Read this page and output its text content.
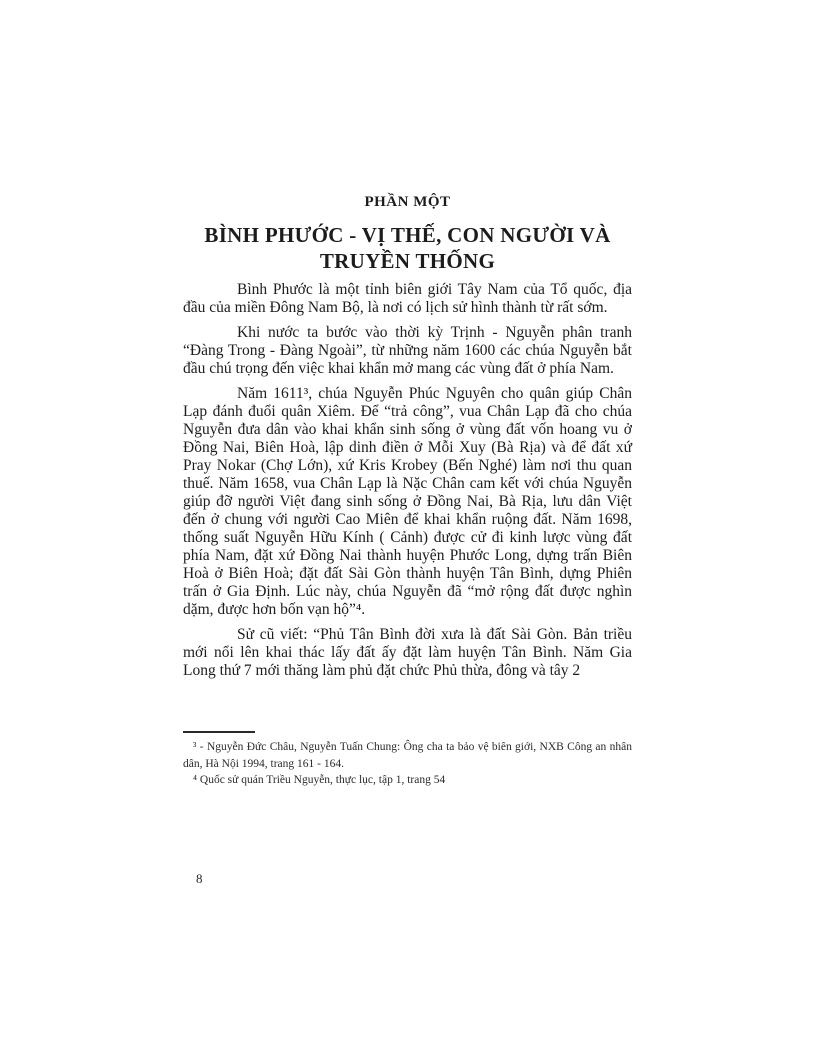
PHẦN MỘT
BÌNH PHƯỚC - VỊ THẾ, CON NGƯỜI VÀ
TRUYỀN THỐNG

Bình Phước là một tỉnh biên giới Tây Nam của Tổ quốc, địa đầu của miền Đông Nam Bộ, là nơi có lịch sử hình thành từ rất sớm.

Khi nước ta bước vào thời kỳ Trịnh - Nguyễn phân tranh “Đàng Trong - Đàng Ngoài”, từ những năm 1600 các chúa Nguyễn bắt đầu chú trọng đến việc khai khẩn mở mang các vùng đất ở phía Nam.

Năm 1611³, chúa Nguyễn Phúc Nguyên cho quân giúp Chân Lạp đánh đuổi quân Xiêm. Để “trả công”, vua Chân Lạp đã cho chúa Nguyễn đưa dân vào khai khẩn sinh sống ở vùng đất vốn hoang vu ở Đồng Nai, Biên Hoà, lập dinh điền ở Mỗi Xuy (Bà Rịa) và để đất xứ Pray Nokar (Chợ Lớn), xứ Kris Krobey (Bến Nghé) làm nơi thu quan thuế. Năm 1658, vua Chân Lạp là Nặc Chân cam kết với chúa Nguyễn giúp đỡ người Việt đang sinh sống ở Đồng Nai, Bà Rịa, lưu dân Việt đến ở chung với người Cao Miên để khai khẩn ruộng đất. Năm 1698, thống suất Nguyễn Hữu Kính ( Cảnh) được cử đi kinh lược vùng đất phía Nam, đặt xứ Đồng Nai thành huyện Phước Long, dựng trấn Biên Hoà ở Biên Hoà; đặt đất Sài Gòn thành huyện Tân Bình, dựng Phiên trấn ở Gia Định. Lúc này, chúa Nguyễn đã “mở rộng đất được nghìn dặm, được hơn bốn vạn hộ”⁴.

Sử cũ viết: “Phủ Tân Bình đời xưa là đất Sài Gòn. Bản triều mới nổi lên khai thác lấy đất ấy đặt làm huyện Tân Bình. Năm Gia Long thứ 7 mới thăng làm phủ đặt chức Phủ thừa, đông và tây 2

³ - Nguyễn Đức Châu, Nguyễn Tuấn Chung: Ông cha ta bảo vệ biên giới, NXB Công an nhân dân, Hà Nội 1994, trang 161 - 164.

⁴ Quốc sử quán Triều Nguyễn, thực lục, tập 1, trang 54

8
